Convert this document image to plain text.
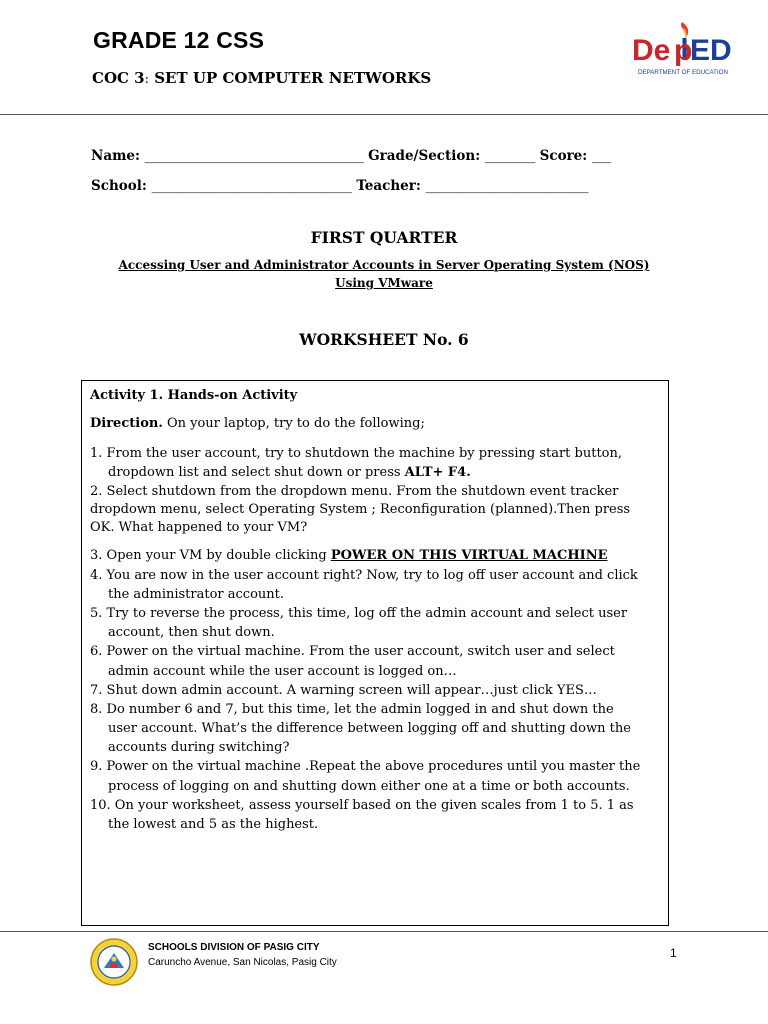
GRADE 12 CSS
COC 3: SET UP COMPUTER NETWORKS
De p
ED
DEPARTMENT OF EDUCATION
Name: ___________________________________ Grade/Section: ________ Score: ___
School: ________________________________ Teacher: __________________________
FIRST QUARTER
Accessing User and Administrator Accounts in Server Operating System (NOS)
Using VMware
WORKSHEET No. 6
Activity 1. Hands-on Activity
Direction. On your laptop, try to do the following;
1. From the user account, try to shutdown the machine by pressing start button,
dropdown list and select shut down or press ALT+ F4.
2. Select shutdown from the dropdown menu. From the shutdown event tracker
dropdown menu, select Operating System ; Reconfiguration (planned).Then press
OK. What happened to your VM?
3. Open your VM by double clicking POWER ON THIS VIRTUAL MACHINE
4. You are now in the user account right? Now, try to log off user account and click
the administrator account.
5. Try to reverse the process, this time, log off the admin account and select user
account, then shut down.
6. Power on the virtual machine. From the user account, switch user and select
admin account while the user account is logged on…
7. Shut down admin account. A warning screen will appear…just click YES…
8. Do number 6 and 7, but this time, let the admin logged in and shut down the
user account. What’s the difference between logging off and shutting down the
accounts during switching?
9. Power on the virtual machine .Repeat the above procedures until you master the
process of logging on and shutting down either one at a time or both accounts.
10. On your worksheet, assess yourself based on the given scales from 1 to 5. 1 as
the lowest and 5 as the highest.
SCHOOLS DIVISION OF PASIG CITY
Caruncho Avenue, San Nicolas, Pasig City
1
